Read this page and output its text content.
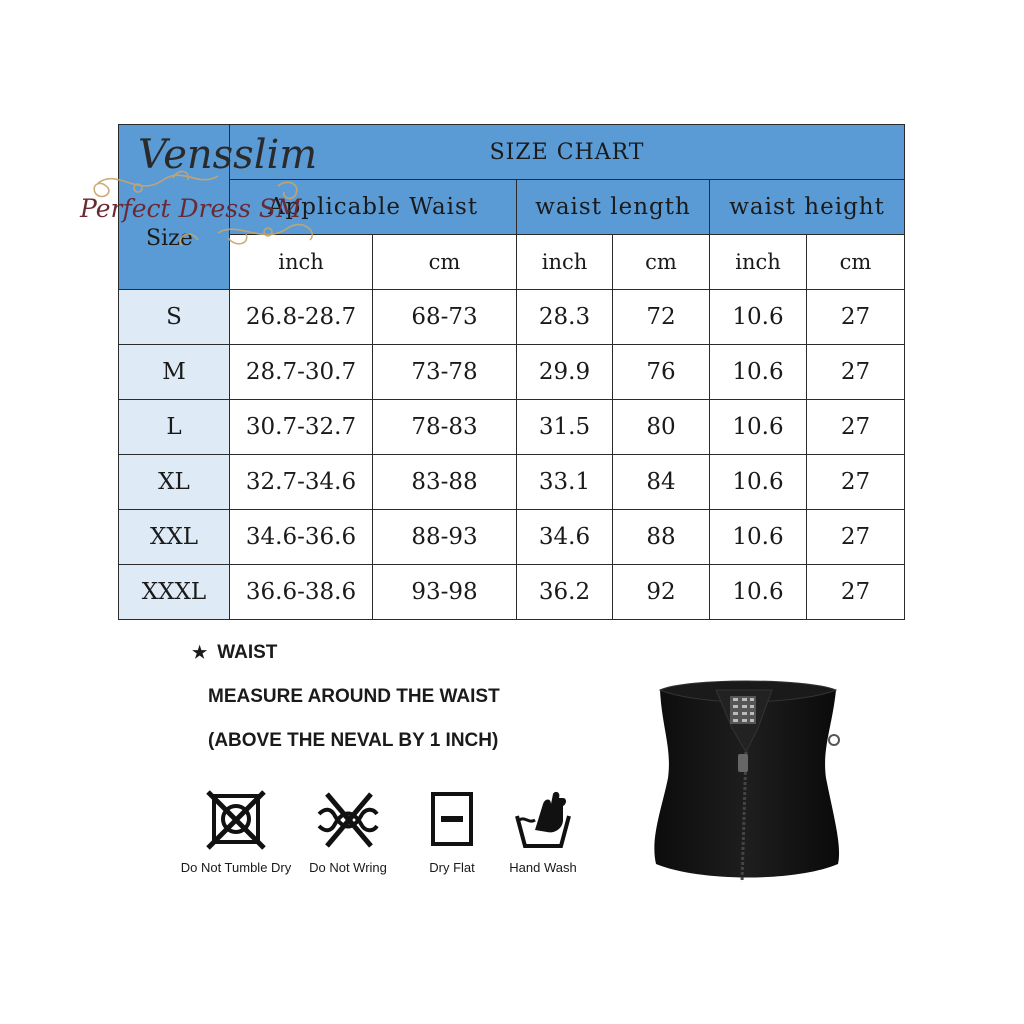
	SIZE CHART					
	Applicable Waist		waist length		waist height	
	inch	cm	inch	cm	inch	cm
S	26.8-28.7	68-73	28.3	72	10.6	27
M	28.7-30.7	73-78	29.9	76	10.6	27
L	30.7-32.7	78-83	31.5	80	10.6	27
XL	32.7-34.6	83-88	33.1	84	10.6	27
XXL	34.6-36.6	88-93	34.6	88	10.6	27
XXXL	36.6-38.6	93-98	36.2	92	10.6	27
Size
Vensslim
Perfect Dress SM
★ WAIST
MEASURE AROUND THE WAIST
(ABOVE THE NEVAL BY 1 INCH)
Do Not Tumble Dry	Do Not Wring	Dry Flat	Hand Wash
